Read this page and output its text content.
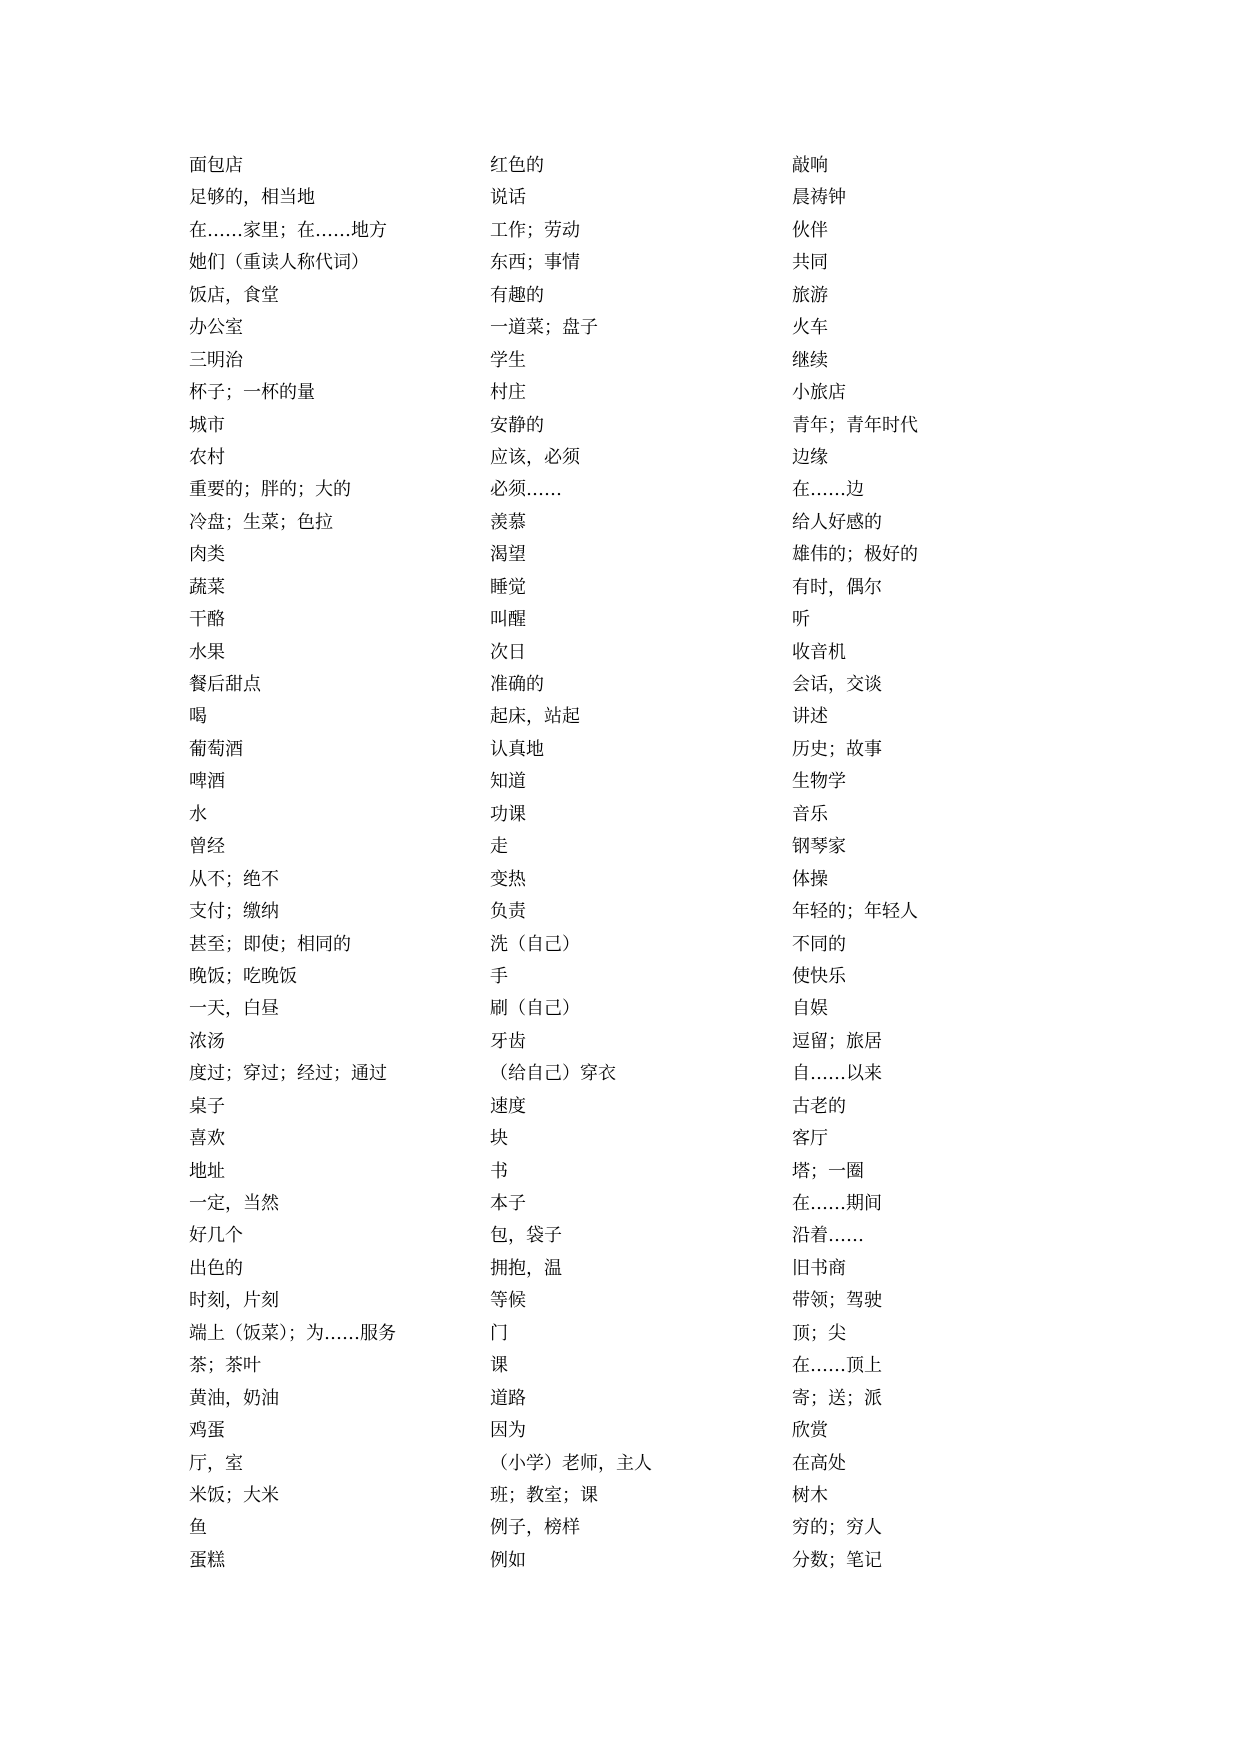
面包店
足够的，相当地
在……家里；在……地方
她们（重读人称代词）
饭店，食堂
办公室
三明治
杯子；一杯的量
城市
农村
重要的；胖的；大的
冷盘；生菜；色拉
肉类
蔬菜
干酪
水果
餐后甜点
喝
葡萄酒
啤酒
水
曾经
从不；绝不
支付；缴纳
甚至；即使；相同的
晚饭；吃晚饭
一天，白昼
浓汤
度过；穿过；经过；通过
桌子
喜欢
地址
一定，当然
好几个
出色的
时刻，片刻
端上（饭菜）；为……服务
茶；茶叶
黄油，奶油
鸡蛋
厅，室
米饭；大米
鱼
蛋糕
红色的
说话
工作；劳动
东西；事情
有趣的
一道菜；盘子
学生
村庄
安静的
应该，必须
必须……
羡慕
渴望
睡觉
叫醒
次日
准确的
起床，站起
认真地
知道
功课
走
变热
负责
洗（自己）
手
刷（自己）
牙齿
（给自己）穿衣
速度
块
书
本子
包，袋子
拥抱，温
等候
门
课
道路
因为
（小学）老师，主人
班；教室；课
例子，榜样
例如
敲响
晨祷钟
伙伴
共同
旅游
火车
继续
小旅店
青年；青年时代
边缘
在……边
给人好感的
雄伟的；极好的
有时，偶尔
听
收音机
会话，交谈
讲述
历史；故事
生物学
音乐
钢琴家
体操
年轻的；年轻人
不同的
使快乐
自娱
逗留；旅居
自……以来
古老的
客厅
塔；一圈
在……期间
沿着……
旧书商
带领；驾驶
顶；尖
在……顶上
寄；送；派
欣赏
在高处
树木
穷的；穷人
分数；笔记
